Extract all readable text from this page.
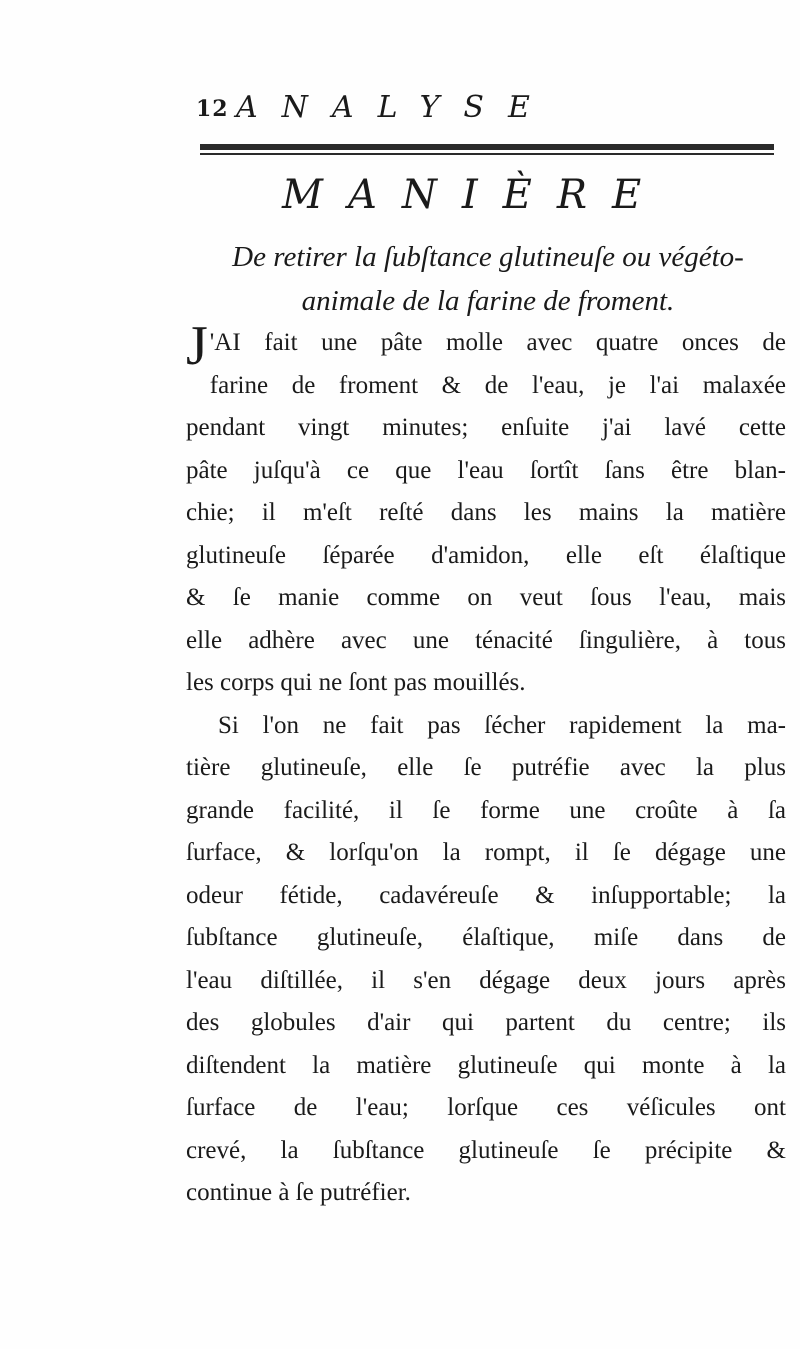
12 ANALYSE
MANIÈRE
De retirer la ſubſtance glutineuſe ou végéto-
animale de la farine de froment.
J 'AI fait une pâte molle avec quatre onces de
farine de froment & de l'eau, je l'ai malaxée
pendant vingt minutes; enſuite j'ai lavé cette
pâte juſqu'à ce que l'eau ſortît ſans être blan-
chie; il m'eſt reſté dans les mains la matière
glutineuſe ſéparée d'amidon, elle eſt élaſtique
& ſe manie comme on veut ſous l'eau, mais
elle adhère avec une ténacité ſingulière, à tous
les corps qui ne ſont pas mouillés.
Si l'on ne fait pas ſécher rapidement la ma-
tière glutineuſe, elle ſe putréfie avec la plus
grande facilité, il ſe forme une croûte à ſa
ſurface, & lorſqu'on la rompt, il ſe dégage une
odeur fétide, cadavéreuſe & inſupportable; la
ſubſtance glutineuſe, élaſtique, miſe dans de
l'eau diſtillée, il s'en dégage deux jours après
des globules d'air qui partent du centre; ils
diſtendent la matière glutineuſe qui monte à la
ſurface de l'eau; lorſque ces véſicules ont
crevé, la ſubſtance glutineuſe ſe précipite &
continue à ſe putréfier.
